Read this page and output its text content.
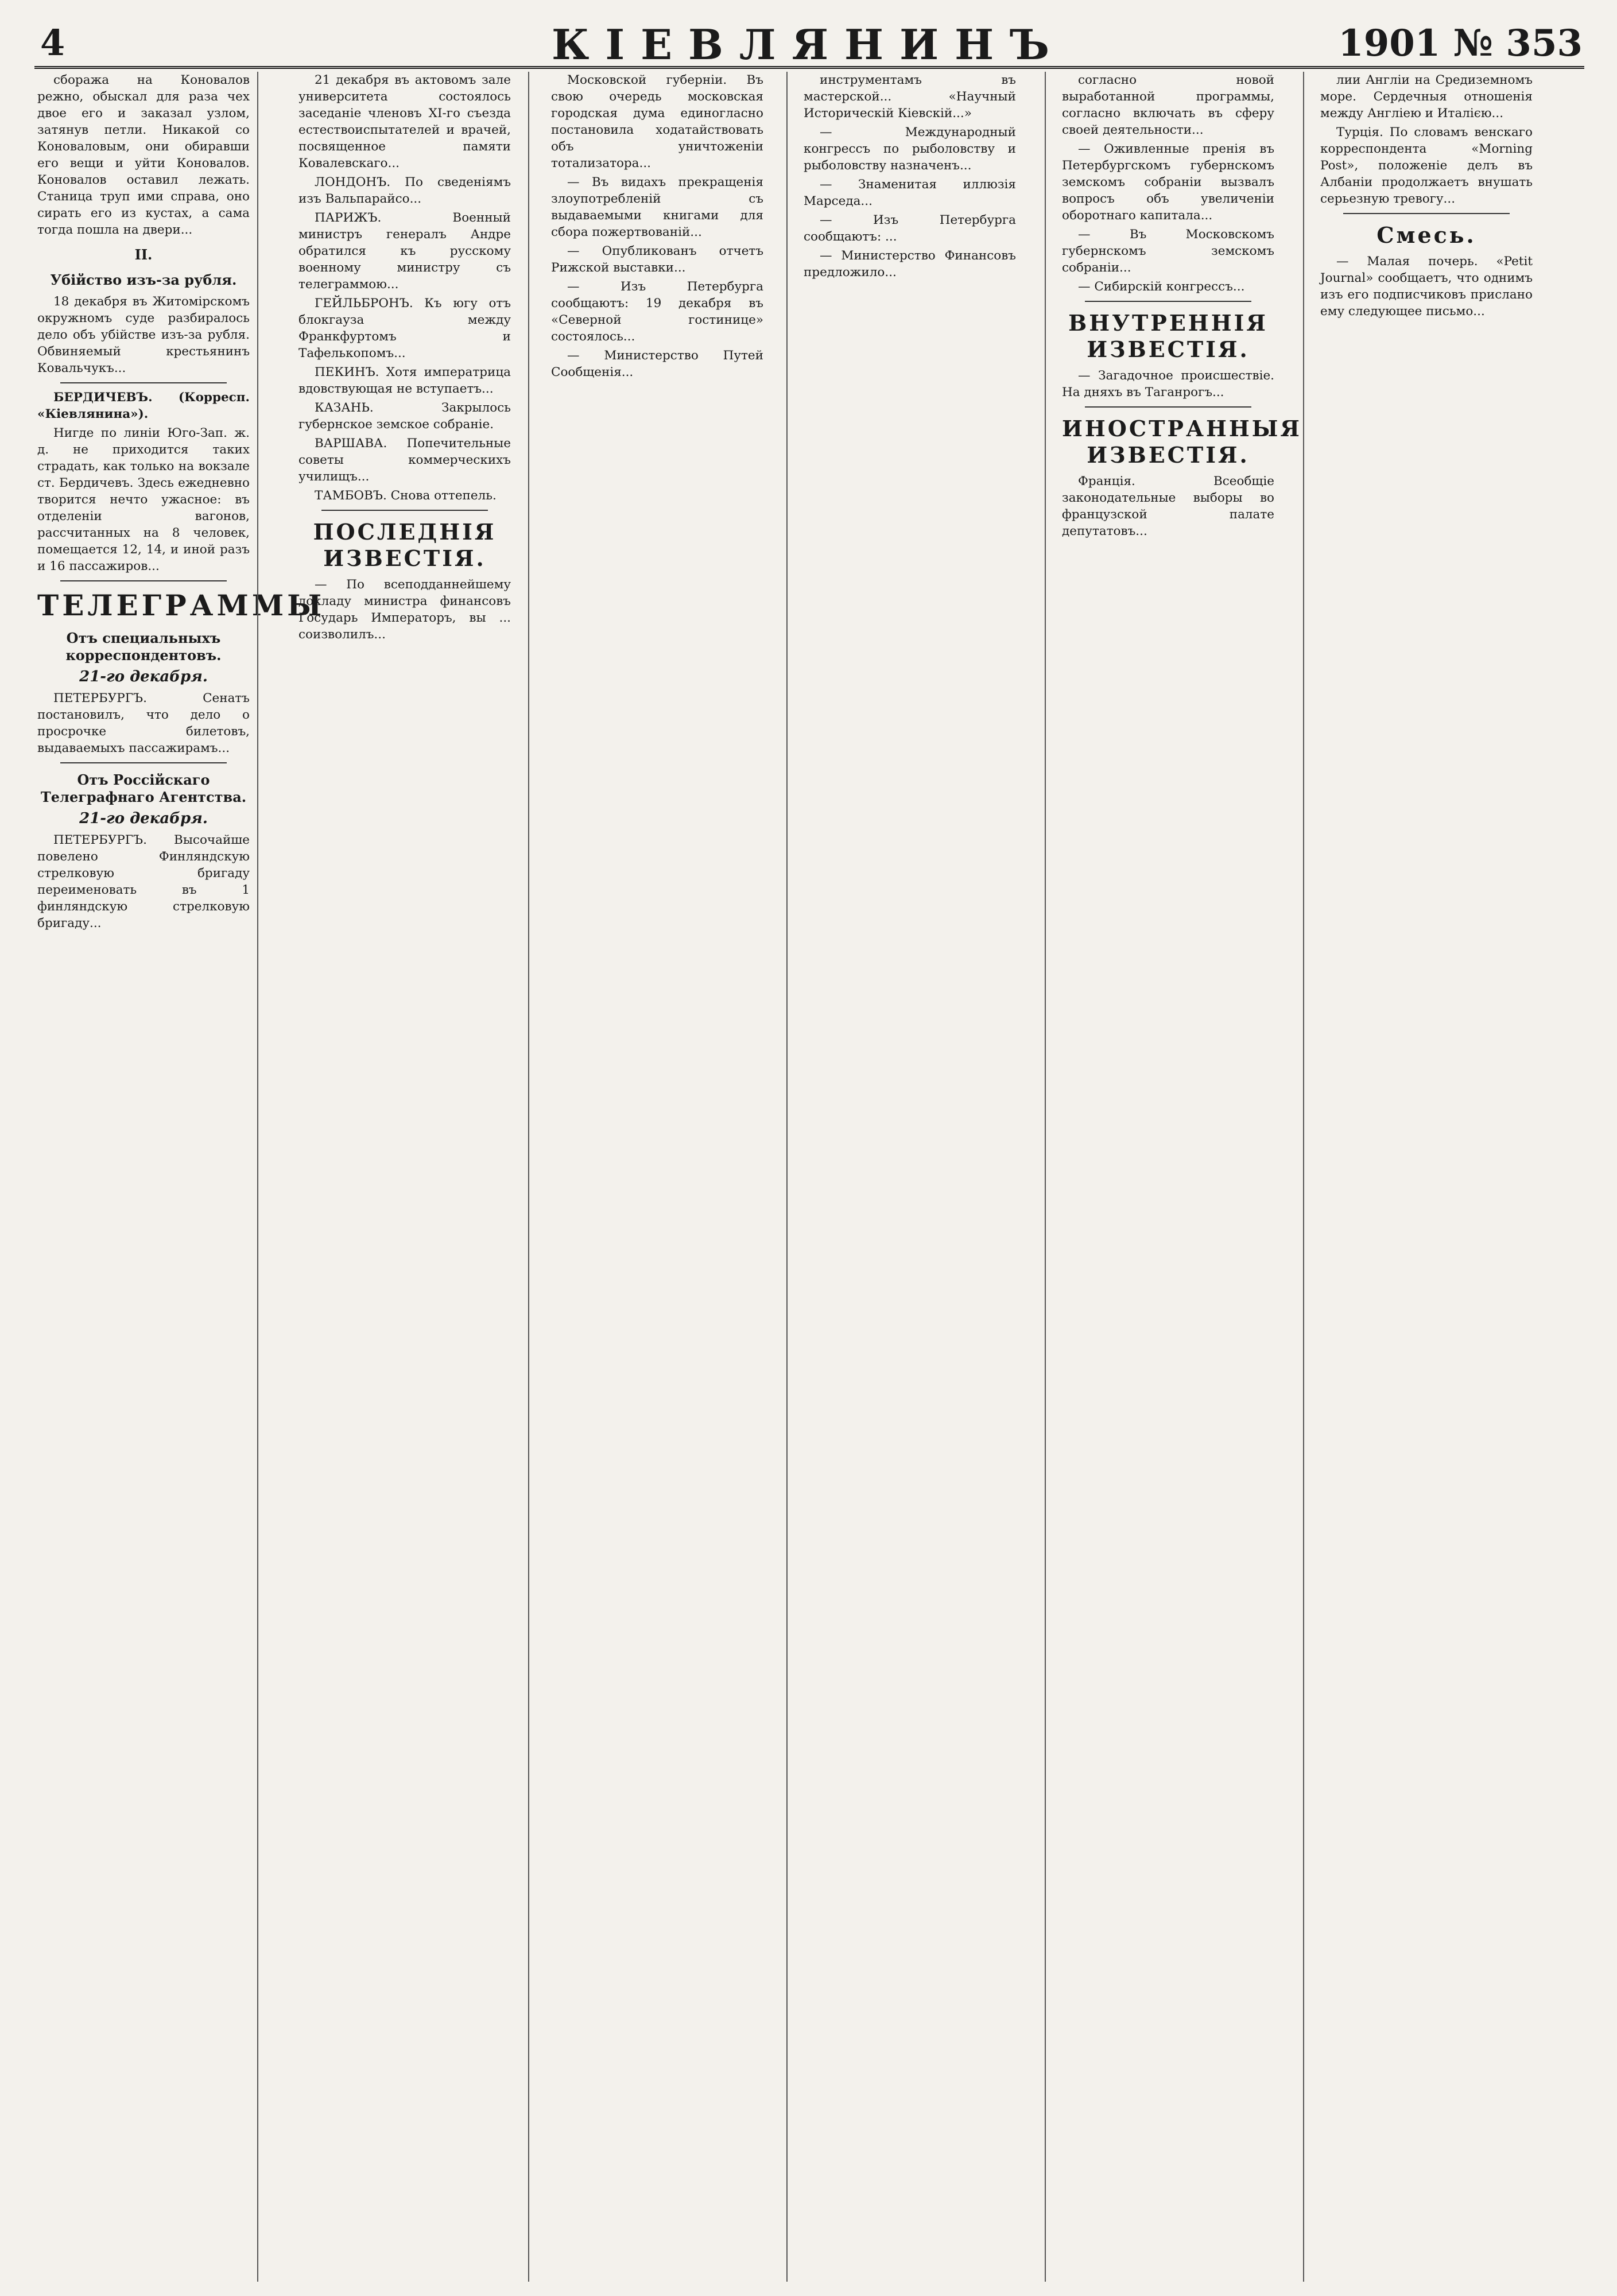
4	КІЕВЛЯНИНЪ	1901 № 353

сбоража на Коновалов режно, обыскал для раза чех двое его и заказал узлом, затянув петли. Никакой со Коноваловым, они обиравши его вещи и уйти Коновалов. Коновалов оставил лежать. Станица труп ими справа, оно сирать его из кустах, а сама тогда пошла на двери...

II.
Убійство изъ-за рубля.

18 декабря въ Житомірскомъ окружномъ суде разбиралось дело объ убійстве изъ-за рубля. Обвиняемый крестьянинъ Ковальчукъ...

БЕРДИЧЕВЪ. (Корресп. «Кіевлянина»).

Нигде по линіи Юго-Зап. ж. д. не приходится таких страдать, как только на вокзале ст. Бердичевъ. Здесь ежедневно творится нечто ужасное: въ отделеніи вагонов, рассчитанных на 8 человек, помещается 12, 14, и иной разъ и 16 пассажиров...

ТЕЛЕГРАММЫ
Отъ специальныхъ корреспондентовъ.
21-го декабря.

ПЕТЕРБУРГЪ. Сенатъ постановилъ, что дело о просрочке билетовъ, выдаваемыхъ пассажирамъ...

Отъ Россійскаго Телеграфнаго Агентства.
21-го декабря.

ПЕТЕРБУРГЪ. Высочайше повелено Финляндскую стрелковую бригаду переименовать въ 1 финляндскую стрелковую бригаду...

21 декабря въ актовомъ зале университета состоялось заседаніе членовъ XI-го съезда естествоиспытателей и врачей, посвященное памяти Ковалевскаго...

ЛОНДОНЪ. По сведеніямъ изъ Вальпарайсо...

ПАРИЖЪ. Военный министръ генералъ Андре обратился къ русскому военному министру съ телеграммою...

ГЕЙЛЬБРОНЪ. Къ югу отъ блокгауза между Франкфуртомъ и Тафелькопомъ...

ПЕКИНЪ. Хотя императрица вдовствующая не вступаетъ...

КАЗАНЬ. Закрылось губернское земское собраніе.

ВАРШАВА. Попечительные советы коммерческихъ училищъ...

ТАМБОВЪ. Снова оттепель.

ПОСЛЕДНІЯ ИЗВЕСТІЯ.

— По всеподданнейшему докладу министра финансовъ Государь Императоръ, вы ... соизволилъ...

Московской губерніи. Въ свою очередь московская городская дума единогласно постановила ходатайствовать объ уничтоженіи тотализатора...

— Въ видахъ прекращенія злоупотребленій съ выдаваемыми книгами для сбора пожертвованій...

— Опубликованъ отчетъ Рижской выставки...

— Изъ Петербурга сообщаютъ: 19 декабря въ «Северной гостинице» состоялось...

— Министерство Путей Сообщенія...

инструментамъ въ мастерской... «Научный Историческій Кіевскій...»

— Международный конгрессъ по рыболовству и рыболовству назначенъ...

— Знаменитая иллюзія Марседа...

— Изъ Петербурга сообщаютъ: ...

— Министерство Финансовъ предложило...

согласно новой выработанной программы, согласно включать въ сферу своей деятельности...

— Оживленные пренія въ Петербургскомъ губернскомъ земскомъ собраніи вызвалъ вопросъ объ увеличеніи оборотнаго капитала...

— Въ Московскомъ губернскомъ земскомъ собраніи...

— Сибирскій конгрессъ...

ВНУТРЕННІЯ ИЗВЕСТІЯ.

— Загадочное происшествіе. На дняхъ въ Таганрогъ...

ИНОСТРАННЫЯ ИЗВЕСТІЯ.

Франція. Всеобщіе законодательные выборы во французской палате депутатовъ...

лии Англіи на Средиземномъ море. Сердечныя отношенія между Англіею и Италією...

Турція. По словамъ венскаго корреспондента «Morning Post», положеніе делъ въ Албаніи продолжаетъ внушать серьезную тревогу...

Смесь.

— Малая почерь. «Petit Journal» сообщаетъ, что однимъ изъ его подписчиковъ прислано ему следующее письмо...
